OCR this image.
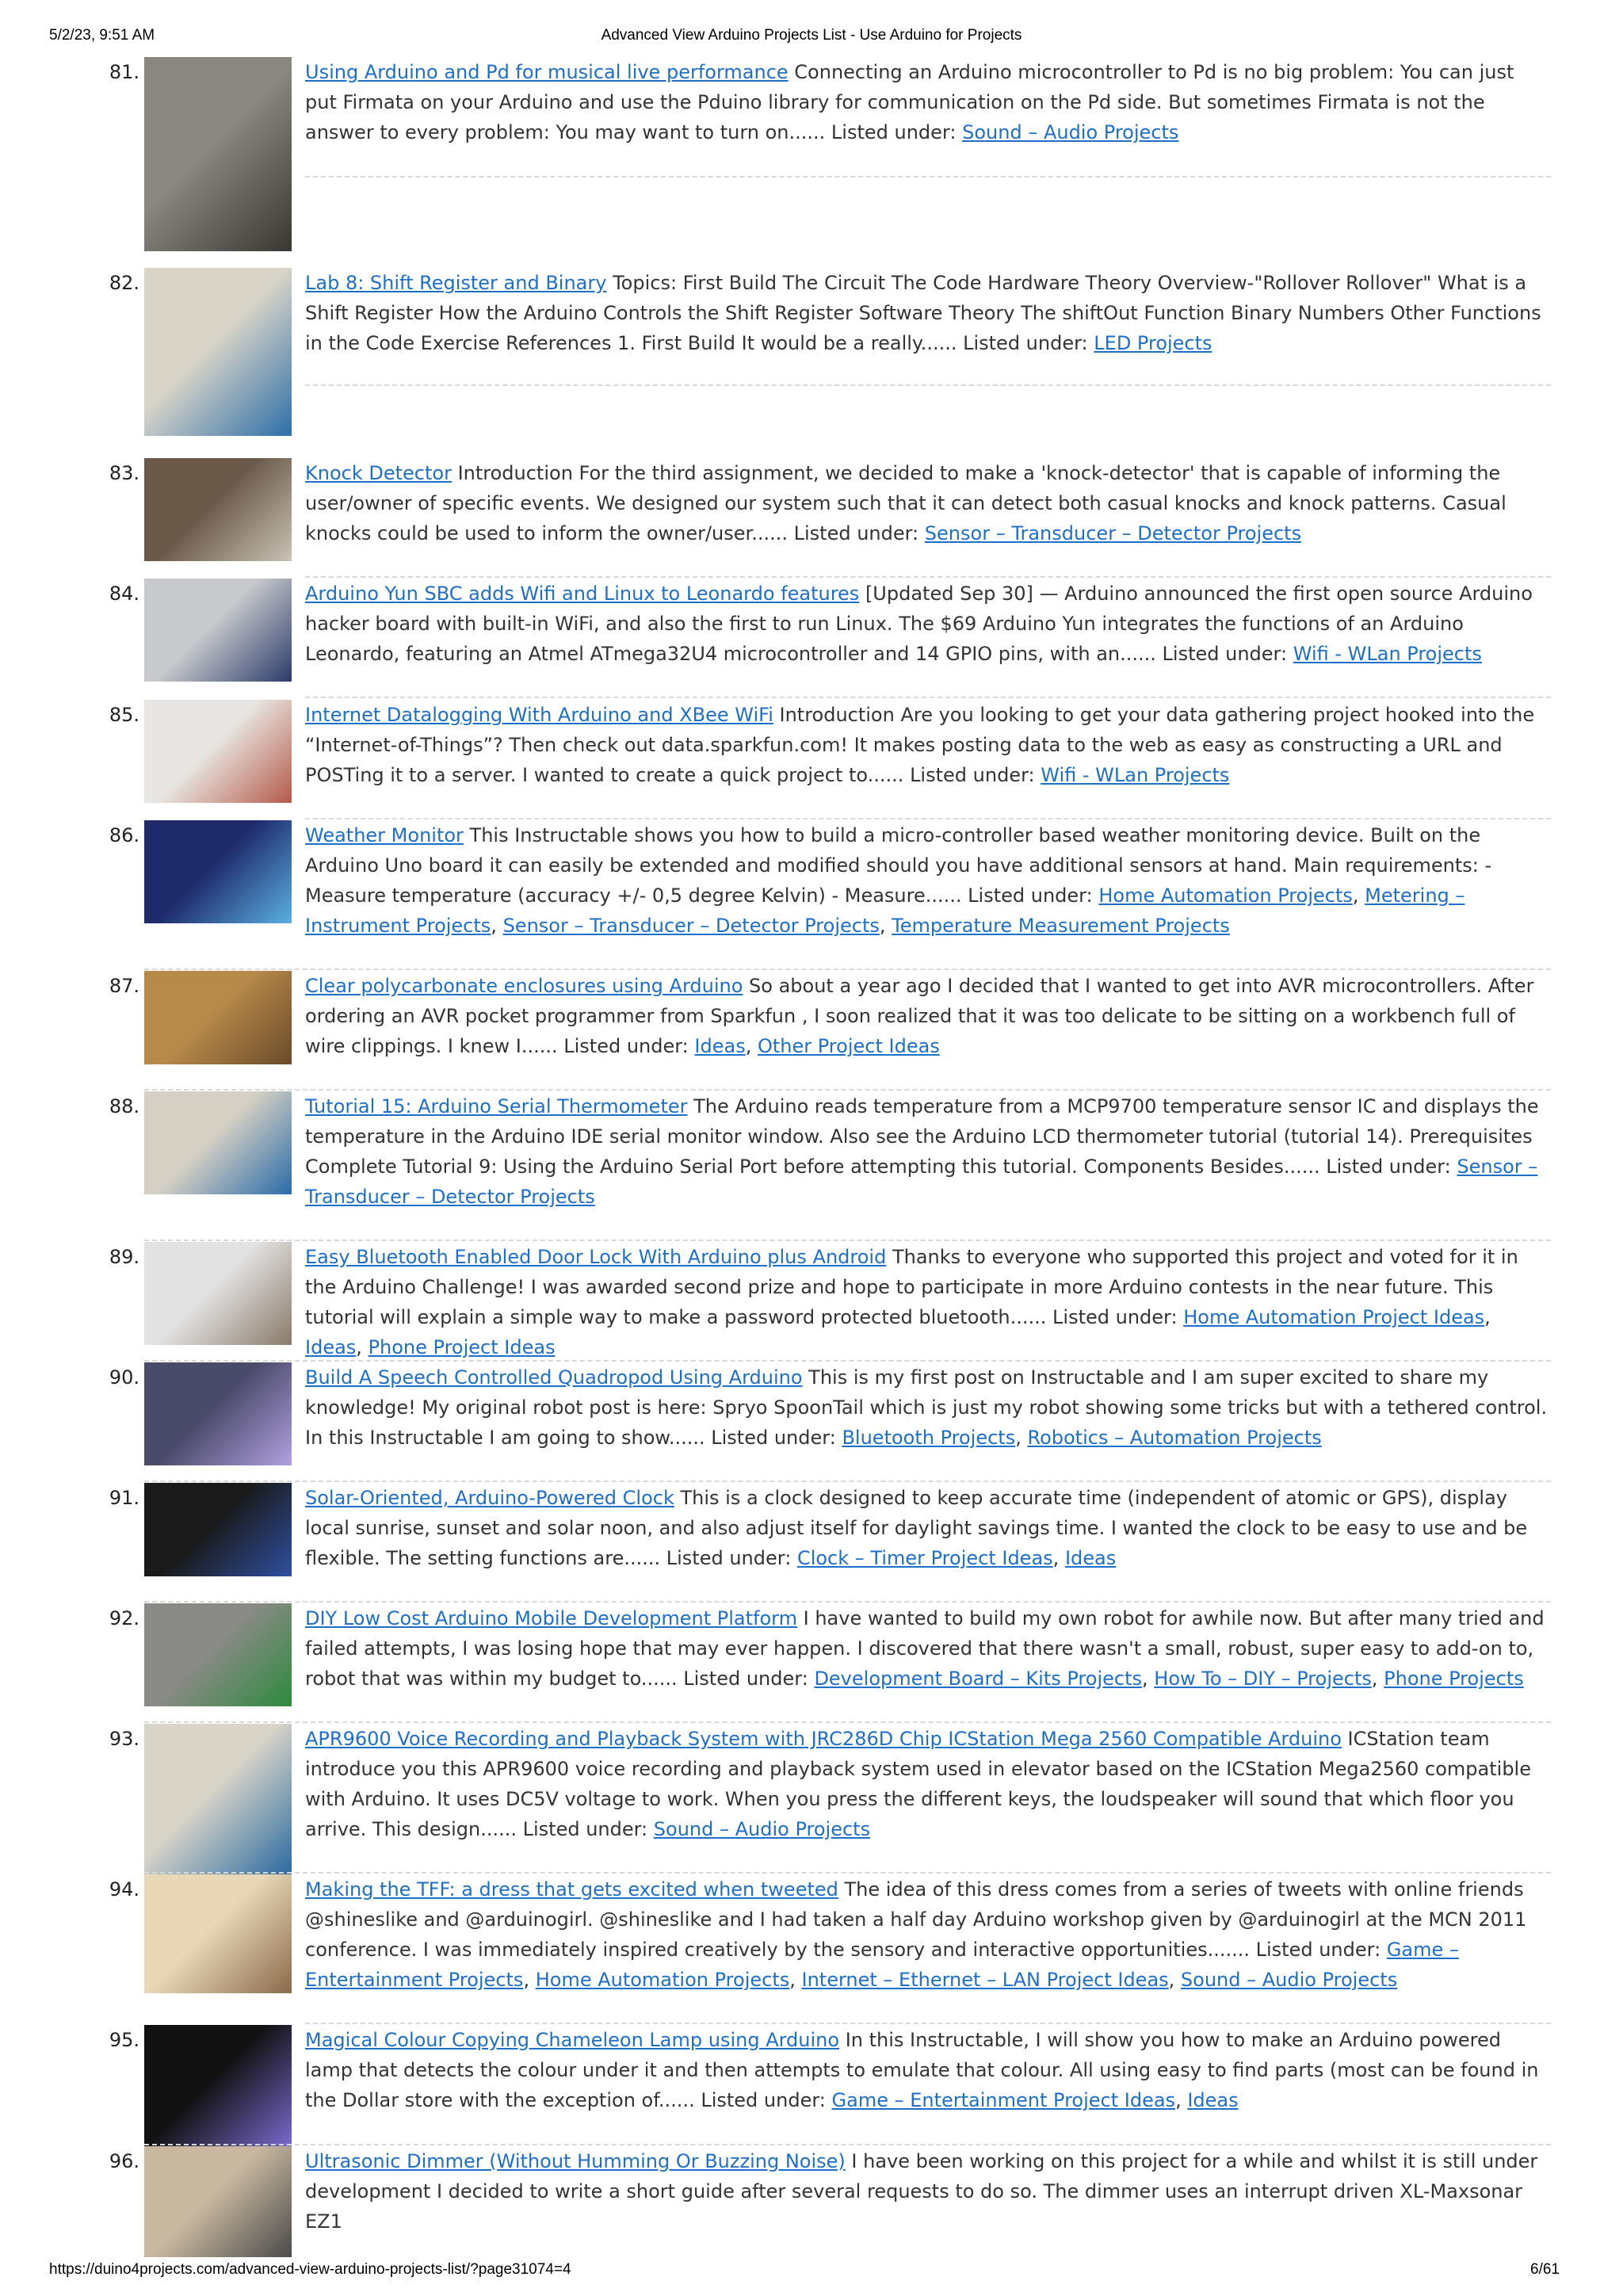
5/2/23, 9:51 AM	Advanced View Arduino Projects List - Use Arduino for Projects
81.	Using Arduino and Pd for musical live performance Connecting an Arduino microcontroller to Pd is no big problem: You can just put Firmata on your Arduino and use the Pduino library for communication on the Pd side. But sometimes Firmata is not the answer to every problem: You may want to turn on...... Listed under: Sound – Audio Projects
82.	Lab 8: Shift Register and Binary Topics: First Build The Circuit The Code Hardware Theory Overview-"Rollover Rollover" What is a Shift Register How the Arduino Controls the Shift Register Software Theory The shiftOut Function Binary Numbers Other Functions in the Code Exercise References 1. First Build It would be a really...... Listed under: LED Projects
83.	Knock Detector Introduction For the third assignment, we decided to make a 'knock-detector' that is capable of informing the user/owner of specific events. We designed our system such that it can detect both casual knocks and knock patterns. Casual knocks could be used to inform the owner/user...... Listed under: Sensor – Transducer – Detector Projects
84.	Arduino Yun SBC adds Wifi and Linux to Leonardo features [Updated Sep 30] — Arduino announced the first open source Arduino hacker board with built-in WiFi, and also the first to run Linux. The $69 Arduino Yun integrates the functions of an Arduino Leonardo, featuring an Atmel ATmega32U4 microcontroller and 14 GPIO pins, with an...... Listed under: Wifi - WLan Projects
85.	Internet Datalogging With Arduino and XBee WiFi Introduction Are you looking to get your data gathering project hooked into the “Internet-of-Things”? Then check out data.sparkfun.com! It makes posting data to the web as easy as constructing a URL and POSTing it to a server. I wanted to create a quick project to...... Listed under: Wifi - WLan Projects
86.	Weather Monitor This Instructable shows you how to build a micro-controller based weather monitoring device. Built on the Arduino Uno board it can easily be extended and modified should you have additional sensors at hand. Main requirements: - Measure temperature (accuracy +/- 0,5 degree Kelvin) - Measure...... Listed under: Home Automation Projects, Metering – Instrument Projects, Sensor – Transducer – Detector Projects, Temperature Measurement Projects
87.	Clear polycarbonate enclosures using Arduino So about a year ago I decided that I wanted to get into AVR microcontrollers. After ordering an AVR pocket programmer from Sparkfun , I soon realized that it was too delicate to be sitting on a workbench full of wire clippings. I knew I...... Listed under: Ideas, Other Project Ideas
88.	Tutorial 15: Arduino Serial Thermometer The Arduino reads temperature from a MCP9700 temperature sensor IC and displays the temperature in the Arduino IDE serial monitor window. Also see the Arduino LCD thermometer tutorial (tutorial 14). Prerequisites Complete Tutorial 9: Using the Arduino Serial Port before attempting this tutorial. Components Besides...... Listed under: Sensor – Transducer – Detector Projects
89.	Easy Bluetooth Enabled Door Lock With Arduino plus Android Thanks to everyone who supported this project and voted for it in the Arduino Challenge! I was awarded second prize and hope to participate in more Arduino contests in the near future. This tutorial will explain a simple way to make a password protected bluetooth...... Listed under: Home Automation Project Ideas, Ideas, Phone Project Ideas
90.	Build A Speech Controlled Quadropod Using Arduino This is my first post on Instructable and I am super excited to share my knowledge! My original robot post is here: Spryo SpoonTail which is just my robot showing some tricks but with a tethered control. In this Instructable I am going to show...... Listed under: Bluetooth Projects, Robotics – Automation Projects
91.	Solar-Oriented, Arduino-Powered Clock This is a clock designed to keep accurate time (independent of atomic or GPS), display local sunrise, sunset and solar noon, and also adjust itself for daylight savings time. I wanted the clock to be easy to use and be flexible. The setting functions are...... Listed under: Clock – Timer Project Ideas, Ideas
92.	DIY Low Cost Arduino Mobile Development Platform I have wanted to build my own robot for awhile now. But after many tried and failed attempts, I was losing hope that may ever happen. I discovered that there wasn't a small, robust, super easy to add-on to, robot that was within my budget to...... Listed under: Development Board – Kits Projects, How To – DIY – Projects, Phone Projects
93.	APR9600 Voice Recording and Playback System with JRC286D Chip ICStation Mega 2560 Compatible Arduino ICStation team introduce you this APR9600 voice recording and playback system used in elevator based on the ICStation Mega2560 compatible with Arduino. It uses DC5V voltage to work. When you press the different keys, the loudspeaker will sound that which floor you arrive. This design...... Listed under: Sound – Audio Projects
94.	Making the TFF: a dress that gets excited when tweeted The idea of this dress comes from a series of tweets with online friends @shineslike and @arduinogirl. @shineslike and I had taken a half day Arduino workshop given by @arduinogirl at the MCN 2011 conference. I was immediately inspired creatively by the sensory and interactive opportunities....... Listed under: Game – Entertainment Projects, Home Automation Projects, Internet – Ethernet – LAN Project Ideas, Sound – Audio Projects
95.	Magical Colour Copying Chameleon Lamp using Arduino In this Instructable, I will show you how to make an Arduino powered lamp that detects the colour under it and then attempts to emulate that colour. All using easy to find parts (most can be found in the Dollar store with the exception of...... Listed under: Game – Entertainment Project Ideas, Ideas
96.	Ultrasonic Dimmer (Without Humming Or Buzzing Noise) I have been working on this project for a while and whilst it is still under development I decided to write a short guide after several requests to do so. The dimmer uses an interrupt driven XL-Maxsonar EZ1
https://duino4projects.com/advanced-view-arduino-projects-list/?page31074=4	6/61
